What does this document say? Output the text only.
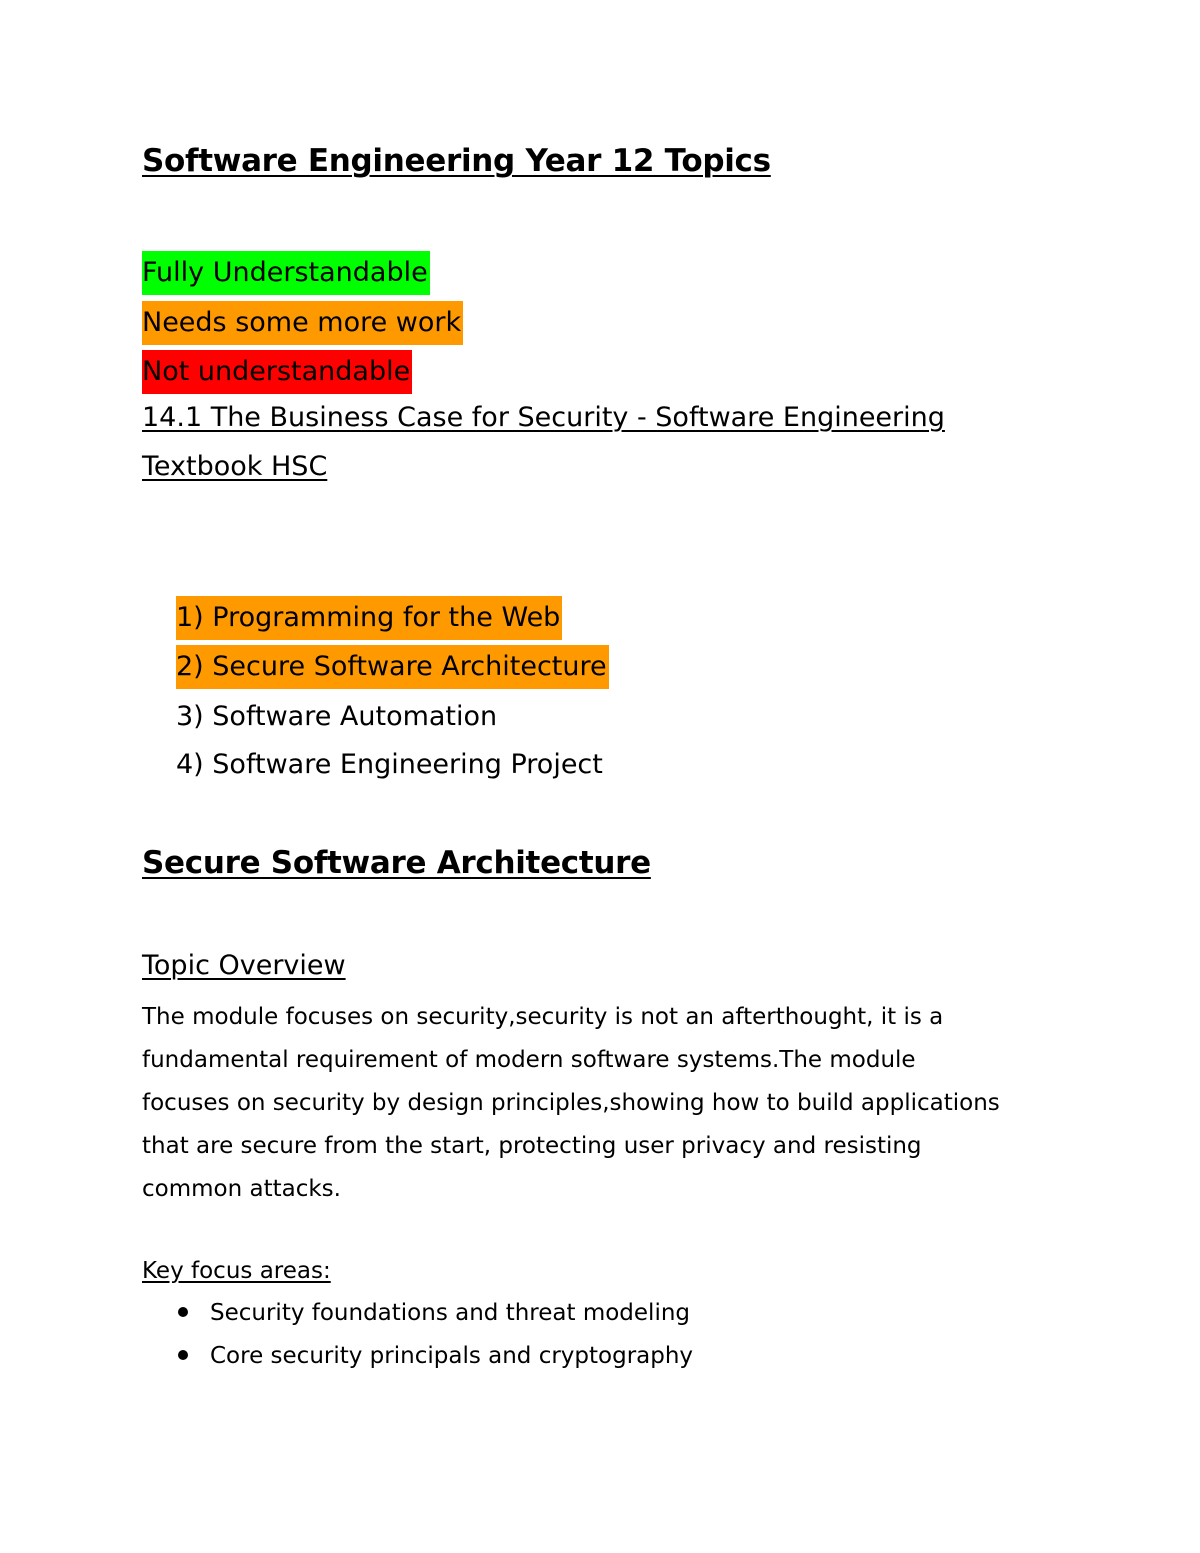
Software Engineering Year 12 Topics
Fully Understandable
Needs some more work
Not understandable
14.1 The Business Case for Security - Software Engineering
Textbook HSC
1) Programming for the Web
2) Secure Software Architecture
3) Software Automation
4) Software Engineering Project
Secure Software Architecture
Topic Overview
The module focuses on security,security is not an afterthought, it is a
fundamental requirement of modern software systems.The module
focuses on security by design principles,showing how to build applications
that are secure from the start, protecting user privacy and resisting
common attacks.
Key focus areas:
Security foundations and threat modeling
Core security principals and cryptography
